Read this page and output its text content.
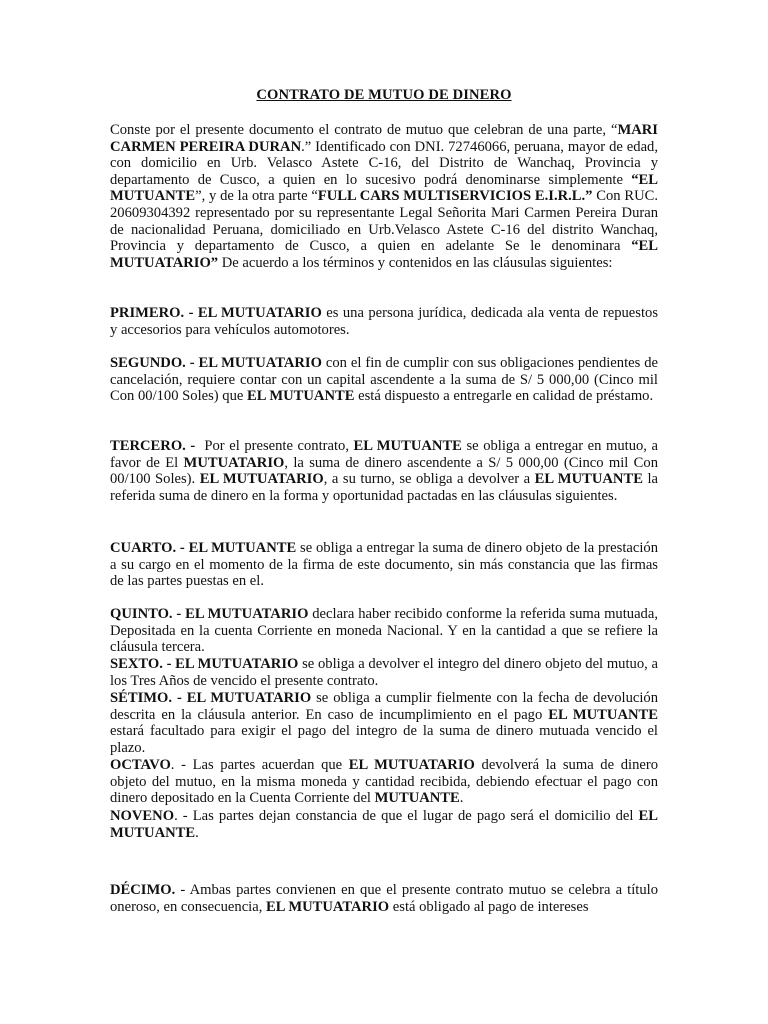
CONTRATO DE MUTUO DE DINERO

Conste por el presente documento el contrato de mutuo que celebran de una parte, “MARI CARMEN PEREIRA DURAN.” Identificado con DNI. 72746066, peruana, mayor de edad, con domicilio en Urb. Velasco Astete C-16, del Distrito de Wanchaq, Provincia y departamento de Cusco, a quien en lo sucesivo podrá denominarse simplemente “EL MUTUANTE”, y de la otra parte “FULL CARS MULTISERVICIOS E.I.R.L.” Con RUC. 20609304392 representado por su representante Legal Señorita Mari Carmen Pereira Duran de nacionalidad Peruana, domiciliado en Urb.Velasco Astete C-16 del distrito Wanchaq, Provincia y departamento de Cusco, a quien en adelante Se le denominara “EL MUTUATARIO” De acuerdo a los términos y contenidos en las cláusulas siguientes:

PRIMERO. - EL MUTUATARIO es una persona jurídica, dedicada ala venta de repuestos y accesorios para vehículos automotores.

SEGUNDO. - EL MUTUATARIO con el fin de cumplir con sus obligaciones pendientes de cancelación, requiere contar con un capital ascendente a la suma de S/ 5 000,00 (Cinco mil Con 00/100 Soles) que EL MUTUANTE está dispuesto a entregarle en calidad de préstamo.

TERCERO. -  Por el presente contrato, EL MUTUANTE se obliga a entregar en mutuo, a favor de El MUTUATARIO, la suma de dinero ascendente a S/ 5 000,00 (Cinco mil Con 00/100 Soles). EL MUTUATARIO, a su turno, se obliga a devolver a EL MUTUANTE la referida suma de dinero en la forma y oportunidad pactadas en las cláusulas siguientes.

CUARTO. - EL MUTUANTE se obliga a entregar la suma de dinero objeto de la prestación a su cargo en el momento de la firma de este documento, sin más constancia que las firmas de las partes puestas en el.

QUINTO. - EL MUTUATARIO declara haber recibido conforme la referida suma mutuada, Depositada en la cuenta Corriente en moneda Nacional. Y en la cantidad a que se refiere la cláusula tercera.

SEXTO. - EL MUTUATARIO se obliga a devolver el integro del dinero objeto del mutuo, a los Tres Años de vencido el presente contrato.

SÉTIMO. - EL MUTUATARIO se obliga a cumplir fielmente con la fecha de devolución descrita en la cláusula anterior. En caso de incumplimiento en el pago EL MUTUANTE estará facultado para exigir el pago del integro de la suma de dinero mutuada vencido el plazo.

OCTAVO. - Las partes acuerdan que EL MUTUATARIO devolverá la suma de dinero objeto del mutuo, en la misma moneda y cantidad recibida, debiendo efectuar el pago con dinero depositado en la Cuenta Corriente del MUTUANTE.

NOVENO. - Las partes dejan constancia de que el lugar de pago será el domicilio del EL MUTUANTE.

DÉCIMO. - Ambas partes convienen en que el presente contrato mutuo se celebra a título oneroso, en consecuencia, EL MUTUATARIO está obligado al pago de intereses
